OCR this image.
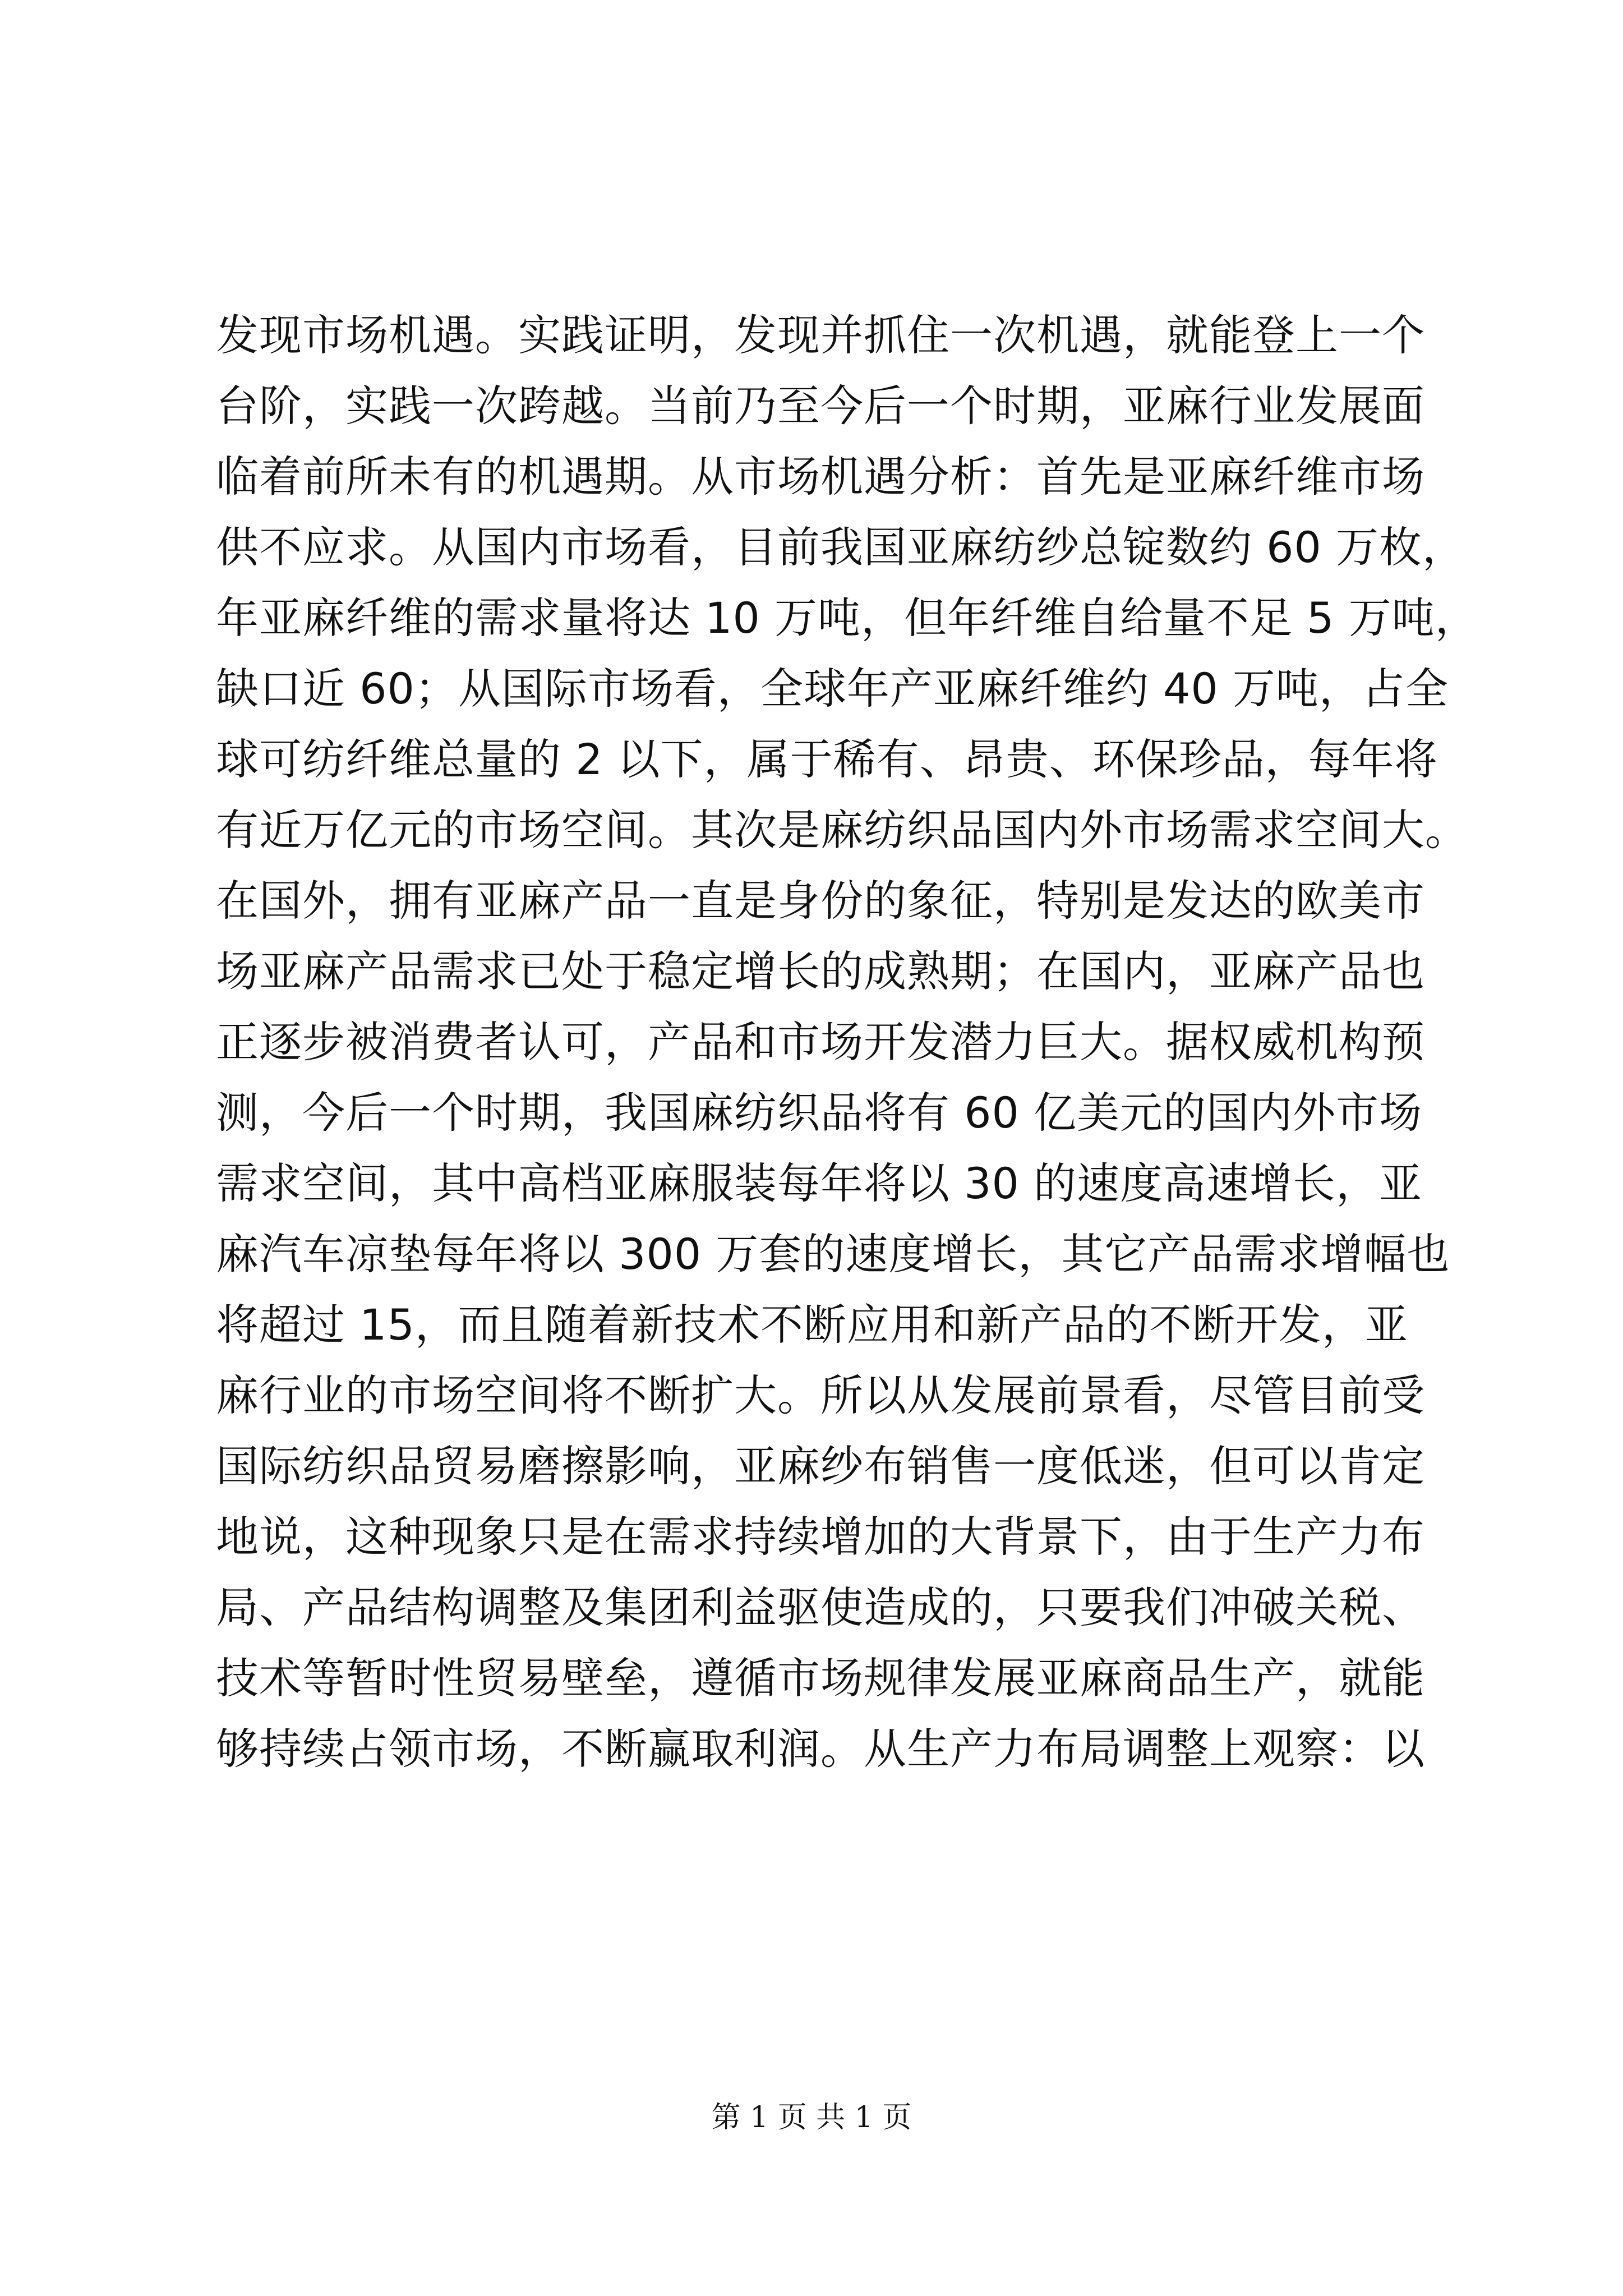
发现市场机遇。实践证明，发现并抓住一次机遇，就能登上一个
台阶，实践一次跨越。当前乃至今后一个时期，亚麻行业发展面
临着前所未有的机遇期。从市场机遇分析：首先是亚麻纤维市场
供不应求。从国内市场看，目前我国亚麻纺纱总锭数约 60 万枚，
年亚麻纤维的需求量将达 10 万吨，但年纤维自给量不足 5 万吨，
缺口近 60；从国际市场看，全球年产亚麻纤维约 40 万吨，占全
球可纺纤维总量的 2 以下，属于稀有、昂贵、环保珍品，每年将
有近万亿元的市场空间。其次是麻纺织品国内外市场需求空间大。
在国外，拥有亚麻产品一直是身份的象征，特别是发达的欧美市
场亚麻产品需求已处于稳定增长的成熟期；在国内，亚麻产品也
正逐步被消费者认可，产品和市场开发潜力巨大。据权威机构预
测，今后一个时期，我国麻纺织品将有 60 亿美元的国内外市场
需求空间，其中高档亚麻服装每年将以 30 的速度高速增长，亚
麻汽车凉垫每年将以 300 万套的速度增长，其它产品需求增幅也
将超过 15，而且随着新技术不断应用和新产品的不断开发，亚
麻行业的市场空间将不断扩大。所以从发展前景看，尽管目前受
国际纺织品贸易磨擦影响，亚麻纱布销售一度低迷，但可以肯定
地说，这种现象只是在需求持续增加的大背景下，由于生产力布
局、产品结构调整及集团利益驱使造成的，只要我们冲破关税、
技术等暂时性贸易壁垒，遵循市场规律发展亚麻商品生产，就能
够持续占领市场，不断赢取利润。从生产力布局调整上观察：以
第 1 页 共 1 页
